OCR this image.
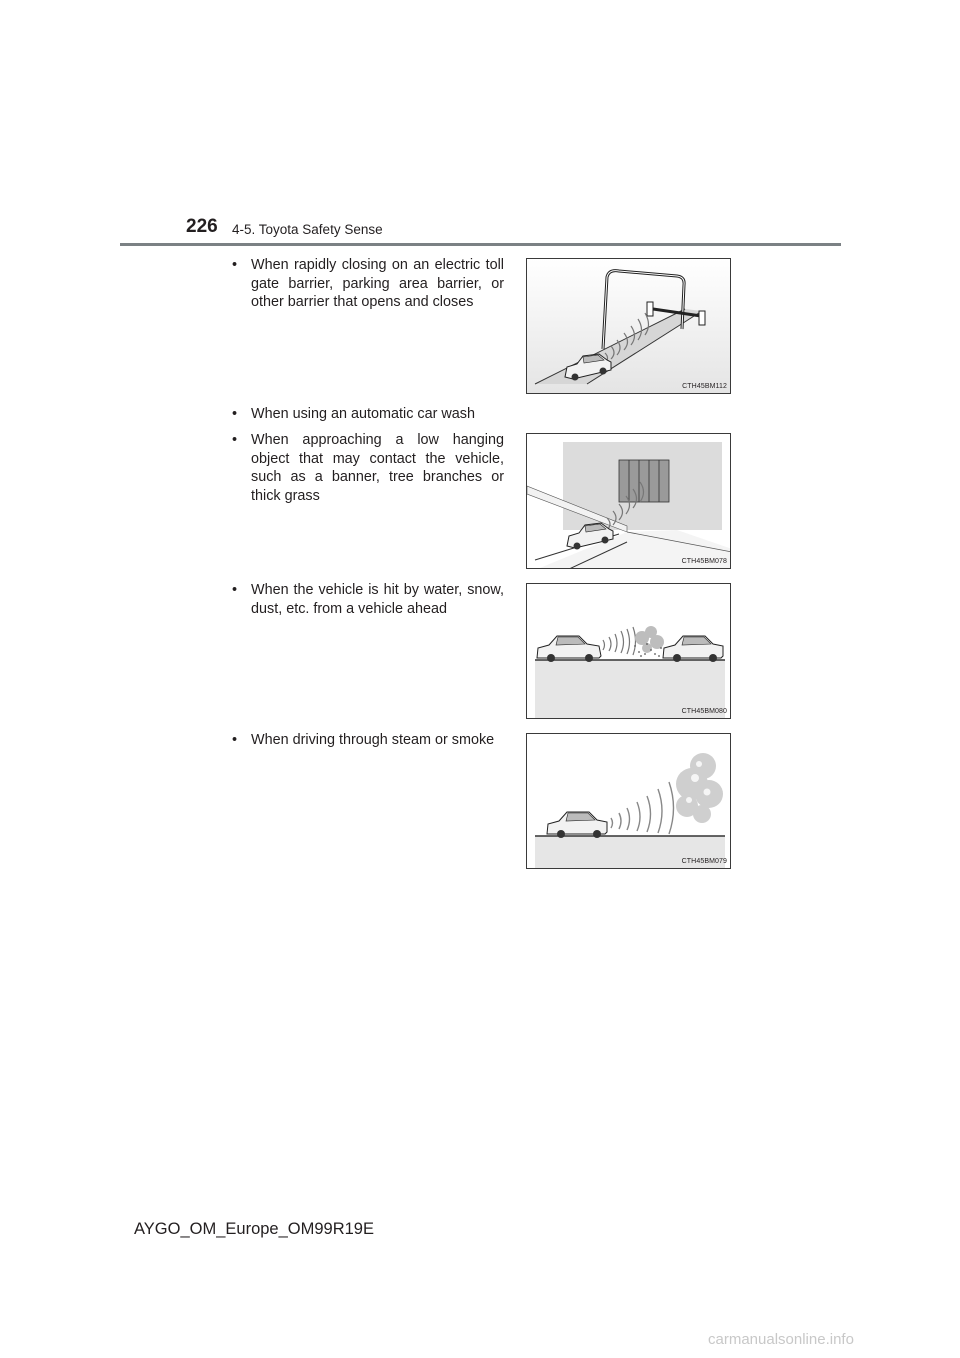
226 4-5. Toyota Safety Sense
• When rapidly closing on an electric toll gate barrier, parking area barrier, or other barrier that opens and closes
CTH45BM112
• When using an automatic car wash
• When approaching a low hanging object that may contact the vehicle, such as a banner, tree branches or thick grass
CTH45BM078
• When the vehicle is hit by water, snow, dust, etc. from a vehicle ahead
CTH45BM080
• When driving through steam or smoke
CTH45BM079
AYGO_OM_Europe_OM99R19E
carmanualsonline.info
